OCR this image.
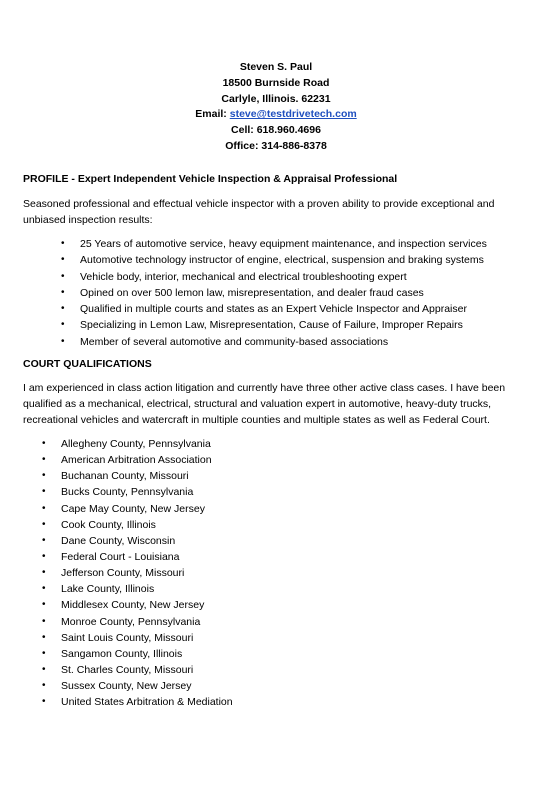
Steven S. Paul
18500 Burnside Road
Carlyle, Illinois. 62231
Email: steve@testdrivetech.com
Cell: 618.960.4696
Office: 314-886-8378
PROFILE - Expert Independent Vehicle Inspection & Appraisal Professional
Seasoned professional and effectual vehicle inspector with a proven ability to provide exceptional and unbiased inspection results:
• 25 Years of automotive service, heavy equipment maintenance, and inspection services
• Automotive technology instructor of engine, electrical, suspension and braking systems
• Vehicle body, interior, mechanical and electrical troubleshooting expert
• Opined on over 500 lemon law, misrepresentation, and dealer fraud cases
• Qualified in multiple courts and states as an Expert Vehicle Inspector and Appraiser
• Specializing in Lemon Law, Misrepresentation, Cause of Failure, Improper Repairs
• Member of several automotive and community-based associations
COURT QUALIFICATIONS
I am experienced in class action litigation and currently have three other active class cases. I have been qualified as a mechanical, electrical, structural and valuation expert in automotive, heavy-duty trucks, recreational vehicles and watercraft in multiple counties and multiple states as well as Federal Court.
• Allegheny County, Pennsylvania
• American Arbitration Association
• Buchanan County, Missouri
• Bucks County, Pennsylvania
• Cape May County, New Jersey
• Cook County, Illinois
• Dane County, Wisconsin
• Federal Court - Louisiana
• Jefferson County, Missouri
• Lake County, Illinois
• Middlesex County, New Jersey
• Monroe County, Pennsylvania
• Saint Louis County, Missouri
• Sangamon County, Illinois
• St. Charles County, Missouri
• Sussex County, New Jersey
• United States Arbitration & Mediation
